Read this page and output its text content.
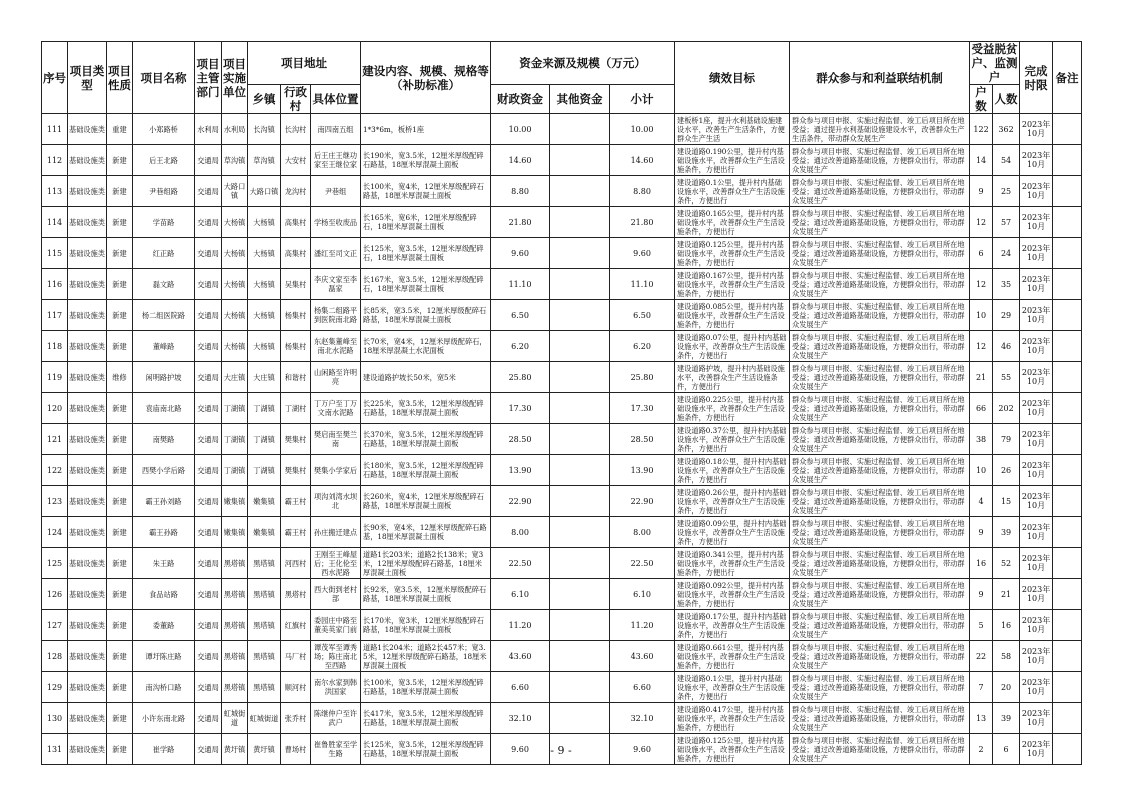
序号	项目类型	项目性质	项目名称	项目主管部门	项目实施单位	项目地址			建设内容、规模、规格等（补助标准）	资金来源及规模（万元）			绩效目标	群众参与和利益联结机制	受益脱贫户、监测户		完成时限	备注
						乡镇	行政村	具体位置		财政资金	其他资金	小计			户数	人数		
111	基础设施类	重建	小郑路桥	水利局	水利局	长沟镇	长沟村	南四南五组	1*3*6m，板桥1座	10.00		10.00	建板桥1座，提升水利基础设施建设水平，改善生产生活条件，方便群众生产生活	群众参与项目申报、实施过程监督、竣工后项目所在地受益；通过提升水利基础设施建设水平，改善群众生产生活条件，带动群众发展生产	122	362	2023年10月	
112	基础设施类	新建	后王北路	交通局	草沟镇	草沟镇	大安村	后王庄王继功家至王继位家	长190米，宽3.5米，12厘米厚级配碎石路基，18厘米厚混凝土面板	14.60		14.60	建设道路0.190公里，提升村内基础设施水平，改善群众生产生活设施条件，方便出行	群众参与项目申报、实施过程监督、竣工后项目所在地受益；通过改善道路基础设施，方便群众出行，带动群众发展生产	14	54	2023年10月	
113	基础设施类	新建	尹巷组路	交通局	大路口镇	大路口镇	龙沟村	尹巷组	长100米，宽4米，12厘米厚级配碎石路基，18厘米厚混凝土面板	8.80		8.80	建设道路0.1公里，提升村内基础设施水平，改善群众生产生活设施条件，方便出行	群众参与项目申报、实施过程监督、竣工后项目所在地受益；通过改善道路基础设施，方便群众出行，带动群众发展生产	9	25	2023年10月	
114	基础设施类	新建	学苗路	交通局	大杨镇	大杨镇	高集村	学杨至收废品	长165米，宽6米，12厘米厚级配碎石，18厘米厚混凝土面板	21.80		21.80	建设道路0.165公里，提升村内基础设施水平，改善群众生产生活设施条件，方便出行	群众参与项目申报、实施过程监督、竣工后项目所在地受益；通过改善道路基础设施，方便群众出行，带动群众发展生产	12	57	2023年10月	
115	基础设施类	新建	红正路	交通局	大杨镇	大杨镇	高集村	潘红至司文正	长125米，宽3.5米，12厘米厚级配碎石，18厘米厚混凝土面板	9.60		9.60	建设道路0.125公里，提升村内基础设施水平，改善群众生产生活设施条件，方便出行	群众参与项目申报、实施过程监督、竣工后项目所在地受益；通过改善道路基础设施，方便群众出行，带动群众发展生产	6	24	2023年10月	
116	基础设施类	新建	磊文路	交通局	大杨镇	大杨镇	吴集村	李庆文家至李磊家	长167米，宽3.5米，12厘米厚级配碎石，18厘米厚混凝土面板	11.10		11.10	建设道路0.167公里，提升村内基础设施水平，改善群众生产生活设施条件，方便出行	群众参与项目申报、实施过程监督、竣工后项目所在地受益；通过改善道路基础设施，方便群众出行，带动群众发展生产	12	35	2023年10月	
117	基础设施类	新建	杨二组医院路	交通局	大杨镇	大杨镇	杨集村	杨集二组路平到医院南北路	长85米，宽3.5米，12厘米厚级配碎石路基，18厘米厚混凝土面板	6.50		6.50	建设道路0.085公里，提升村内基础设施水平，改善群众生产生活设施条件，方便出行	群众参与项目申报、实施过程监督、竣工后项目所在地受益；通过改善道路基础设施，方便群众出行，带动群众发展生产	10	29	2023年10月	
118	基础设施类	新建	董峰路	交通局	大杨镇	大杨镇	杨集村	东赵集董峰至南北水泥路	长70米，宽4米，12厘米厚级配碎石，18厘米厚混凝土水泥面板	6.20		6.20	建设道路0.07公里，提升村内基础设施水平，改善群众生产生活设施条件，方便出行	群众参与项目申报、实施过程监督、竣工后项目所在地受益；通过改善道路基础设施，方便群众出行，带动群众发展生产	12	46	2023年10月	
119	基础设施类	维修	闲明路护坡	交通局	大庄镇	大庄镇	和谐村	山闲路至许明亮	建设道路护坡长50米，宽5米	25.80		25.80	建设道路护坡，提升村内基础设施水平，改善群众生产生活设施条件，方便出行	群众参与项目申报、实施过程监督、竣工后项目所在地受益；通过改善道路基础设施，方便群众出行，带动群众发展生产	21	55	2023年10月	
120	基础设施类	新建	袁庙南北路	交通局	丁湖镇	丁湖镇	丁湖村	丁万户至丁万文南水泥路	长225米，宽3.5米，12厘米厚级配碎石路基，18厘米厚混凝土面板	17.30		17.30	建设道路0.225公里，提升村内基础设施水平，改善群众生产生活设施条件，方便出行	群众参与项目申报、实施过程监督、竣工后项目所在地受益；通过改善道路基础设施，方便群众出行，带动群众发展生产	66	202	2023年10月	
121	基础设施类	新建	南樊路	交通局	丁湖镇	丁湖镇	樊集村	樊启南至樊兰南	长370米，宽3.5米，12厘米厚级配碎石路基，18厘米厚混凝土面板	28.50		28.50	建设道路0.37公里，提升村内基础设施水平，改善群众生产生活设施条件，方便出行	群众参与项目申报、实施过程监督、竣工后项目所在地受益；通过改善道路基础设施，方便群众出行，带动群众发展生产	38	79	2023年10月	
122	基础设施类	新建	西樊小学后路	交通局	丁湖镇	丁湖镇	樊集村	樊集小学家后	长180米，宽3.5米，12厘米厚级配碎石路基，18厘米厚混凝土面板	13.90		13.90	建设道路0.18公里，提升村内基础设施水平，改善群众生产生活设施条件，方便出行	群众参与项目申报、实施过程监督、竣工后项目所在地受益；通过改善道路基础设施，方便群众出行，带动群众发展生产	10	26	2023年10月	
123	基础设施类	新建	霸王孙刘路	交通局	嫩集镇	嫩集镇	霸王村	项沟刘湾水坝北	长260米，宽4米，12厘米厚级配碎石路基，18厘米厚混凝土面板	22.90		22.90	建设道路0.26公里，提升村内基础设施水平，改善群众生产生活设施条件，方便出行	群众参与项目申报、实施过程监督、竣工后项目所在地受益；通过改善道路基础设施，方便群众出行，带动群众发展生产	4	15	2023年10月	
124	基础设施类	新建	霸王孙路	交通局	嫩集镇	嫩集镇	霸王村	孙庄搬迁建点	长90米，宽4米，12厘米厚级配碎石路基，18厘米厚混凝土面板	8.00		8.00	建设道路0.09公里，提升村内基础设施水平，改善群众生产生活设施条件，方便出行	群众参与项目申报、实施过程监督、竣工后项目所在地受益；通过改善道路基础设施，方便群众出行，带动群众发展生产	9	39	2023年10月	
125	基础设施类	新建	朱王路	交通局	黑塔镇	黑塔镇	河西村	王刚至王峰屋后；王化伦至西水泥路	道路1长203米；道路2长138米；宽3米，12厘米厚级配碎石路基，18厘米厚混凝土面板	22.50		22.50	建设道路0.341公里，提升村内基础设施水平，改善群众生产生活设施条件，方便出行	群众参与项目申报、实施过程监督、竣工后项目所在地受益；通过改善道路基础设施，方便群众出行，带动群众发展生产	16	52	2023年10月	
126	基础设施类	新建	食品站路	交通局	黑塔镇	黑塔镇	黑塔村	西大街到老村部	长92米，宽3.5米，12厘米厚级配碎石路基，18厘米厚混凝土面板	6.10		6.10	建设道路0.092公里，提升村内基础设施水平，改善群众生产生活设施条件，方便出行	群众参与项目申报、实施过程监督、竣工后项目所在地受益；通过改善道路基础设施，方便群众出行，带动群众发展生产	9	21	2023年10月	
127	基础设施类	新建	委董路	交通局	黑塔镇	黑塔镇	红旗村	委园庄中路至董美英家门前	长170米，宽3米，12厘米厚级配碎石路基，18厘米厚混凝土面板	11.20		11.20	建设道路0.17公里，提升村内基础设施水平，改善群众生产生活设施条件，方便出行	群众参与项目申报、实施过程监督、竣工后项目所在地受益；通过改善道路基础设施，方便群众出行，带动群众发展生产	5	16	2023年10月	
128	基础设施类	新建	谭圩陈庄路	交通局	黑塔镇	黑塔镇	马厂村	谭茂军至谭秀场；陈庄南北至西路	道路1长204米；道路2长457米；宽3.5米，12厘米厚级配碎石路基，18厘米厚混凝土面板	43.60		43.60	建设道路0.661公里，提升村内基础设施水平，改善群众生产生活设施条件，方便出行	群众参与项目申报、实施过程监督、竣工后项目所在地受益；通过改善道路基础设施，方便群众出行，带动群众发展生产	22	58	2023年10月	
129	基础设施类	新建	南沟桥口路	交通局	黑塔镇	黑塔镇	顺河村	南尔水家到韩洪国家	长100米，宽3.5米，12厘米厚级配碎石路基，18厘米厚混凝土面板	6.60		6.60	建设道路0.1公里，提升村内基础设施水平，改善群众生产生活设施条件，方便出行	群众参与项目申报、实施过程监督、竣工后项目所在地受益；通过改善道路基础设施，方便群众出行，带动群众发展生产	7	20	2023年10月	
130	基础设施类	新建	小许东南北路	交通局	虹城街道	虹城街道	张乔村	陈继仲户至许武户	长417米，宽3.5米，12厘米厚级配碎石路基，18厘米厚混凝土面板	32.10		32.10	建设道路0.417公里，提升村内基础设施水平，改善群众生产生活设施条件，方便出行	群众参与项目申报、实施过程监督、竣工后项目所在地受益；通过改善道路基础设施，方便群众出行，带动群众发展生产	13	39	2023年10月	
131	基础设施类	新建	崔学路	交通局	黄圩镇	黄圩镇	曹场村	崔鲁胜家至学生路	长125米，宽3.5米，12厘米厚级配碎石路基，18厘米厚混凝土面板	9.60		9.60	建设道路0.125公里，提升村内基础设施水平，改善群众生产生活设施条件，方便出行	群众参与项目申报、实施过程监督、竣工后项目所在地受益；通过改善道路基础设施，方便群众出行，带动群众发展生产	2	6	2023年10月	
- 9 -
